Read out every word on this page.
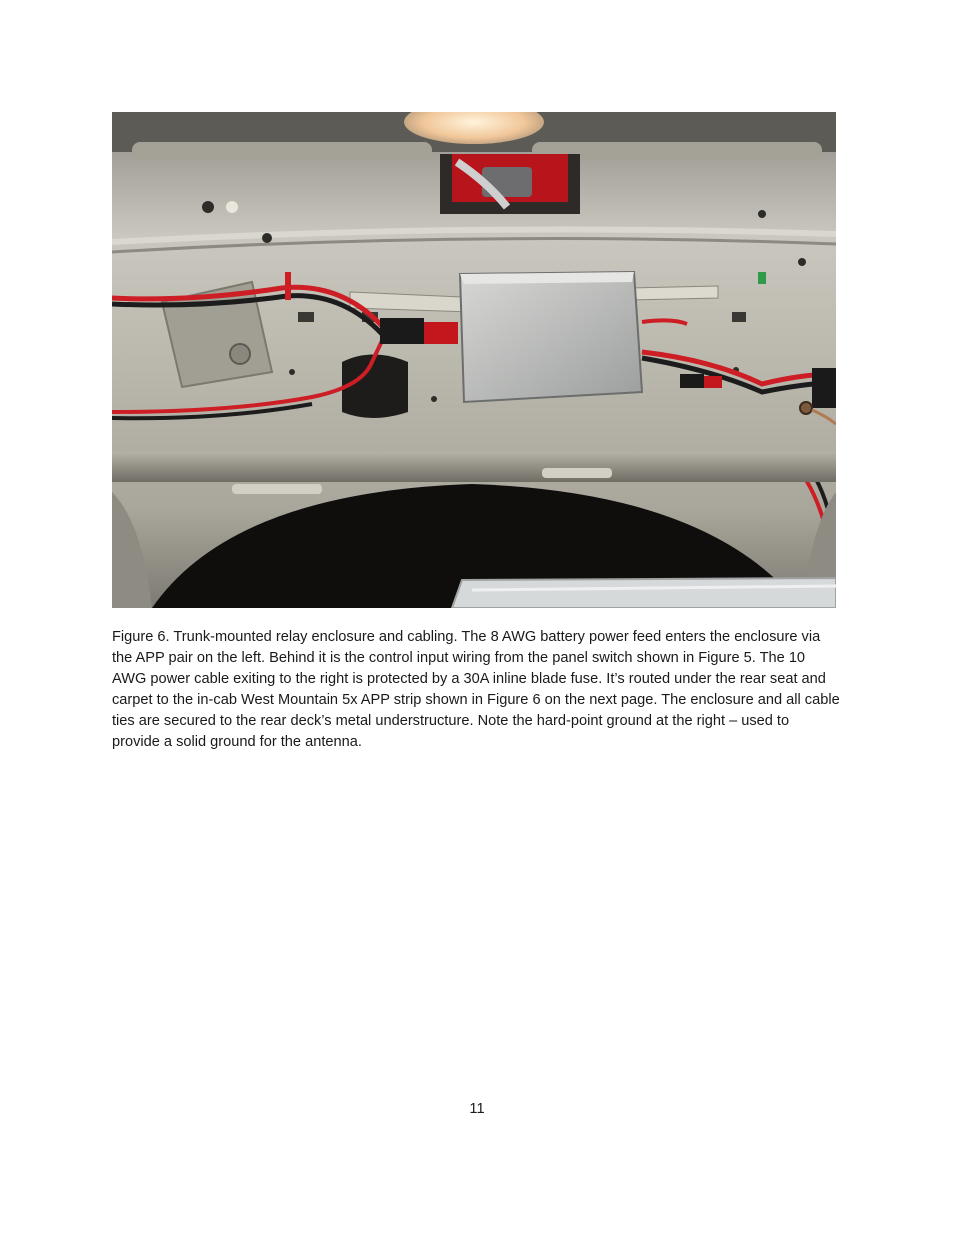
Figure 6. Trunk-mounted relay enclosure and cabling. The 8 AWG battery power feed enters the enclosure via the APP pair on the left. Behind it is the control input wiring from the panel switch shown in Figure 5. The 10 AWG power cable exiting to the right is protected by a 30A inline blade fuse. It’s routed under the rear seat and carpet to the in-cab West Mountain 5x APP strip shown in Figure 6 on the next page. The enclosure and all cable ties are secured to the rear deck’s metal understructure. Note the hard-point ground at the right – used to provide a solid ground for the antenna.

11
